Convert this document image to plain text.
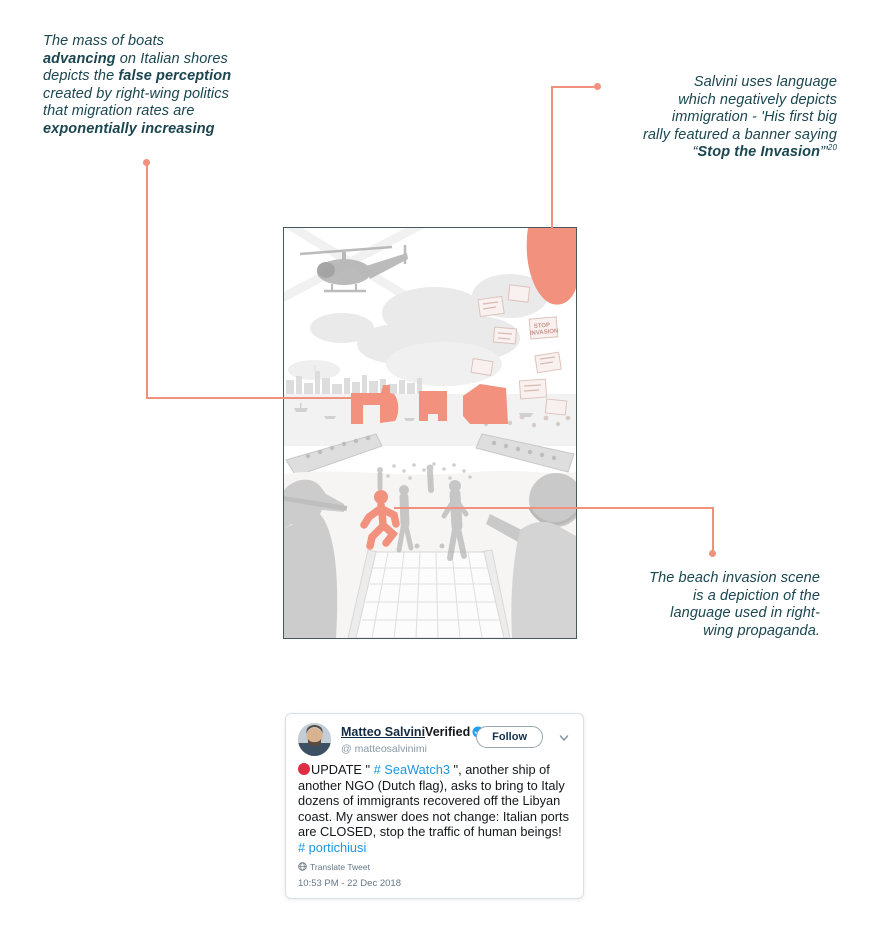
The mass of boats
advancing on Italian shores
depicts the false perception
created by right-wing politics
that migration rates are
exponentially increasing
Salvini uses language
which negatively depicts
immigration - 'His first big
rally featured a banner saying
“Stop the $Invasion”'^{20}$
The beach invasion scene
is a depiction of the
language used in right-
wing propaganda.
STOP
INVASION
Matteo SalviniVerified
@ matteosalvinimi
Follow
UPDATE " # SeaWatch3 ", another ship of another NGO (Dutch flag), asks to bring to Italy dozens of immigrants recovered off the Libyan coast. My answer does not change: Italian ports are CLOSED, stop the traffic of human beings!
# portichiusi
Translate Tweet
10:53 PM - 22 Dec 2018
